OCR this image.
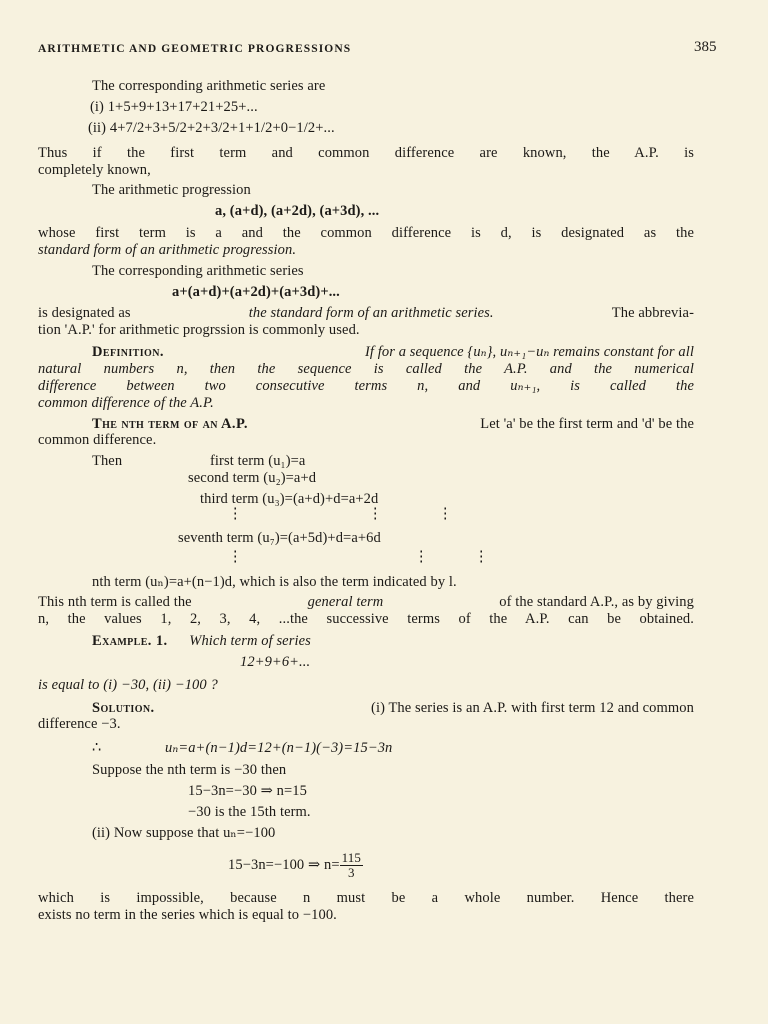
ARITHMETIC AND GEOMETRIC PROGRESSIONS	385
The corresponding arithmetic series are
(i) 1+5+9+13+17+21+25+...
(ii) 4+7/2+3+5/2+2+3/2+1+1/2+0−1/2+...
Thus if the first term and common difference are known, the A.P. is
completely known,
The arithmetic progression
a, (a+d), (a+2d), (a+3d), ...
whose first term is a and the common difference is d, is designated as the
standard form of an arithmetic progression.
The corresponding arithmetic series
a+(a+d)+(a+2d)+(a+3d)+...
is designated as	the standard form of an arithmetic series.	The abbrevia-
tion 'A.P.' for arithmetic progrssion is commonly used.
Definition.	If for a sequence {uₙ}, uₙ₊₁−uₙ remains constant for all
natural numbers n, then the sequence is called the A.P. and the numerical
difference between two consecutive terms n, and uₙ₊₁, is called the
common difference of the A.P.
The nth term of an A.P.	Let 'a' be the first term and 'd' be the
common difference.
Then	first term (u₁)=a
second term (u₂)=a+d
third term (u₃)=(a+d)+d=a+2d
⋮	⋮	⋮
seventh term (u₇)=(a+5d)+d=a+6d
⋮	⋮	⋮
nth term (uₙ)=a+(n−1)d, which is also the term indicated by l.
This nth term is called the	general term	of the standard A.P., as by giving
n, the values 1, 2, 3, 4, ...the successive terms of the A.P. can be obtained.
Example. 1. Which term of series
12+9+6+...
is equal to (i) −30, (ii) −100 ?
Solution.	(i) The series is an A.P. with first term 12 and common
difference −3.
∴	uₙ=a+(n−1)d=12+(n−1)(−3)=15−3n
Suppose the nth term is −30 then
15−3n=−30 ⇒ n=15
−30 is the 15th term.
(ii) Now suppose that uₙ=−100
15−3n=−100 ⇒ $n= \frac{115}{3}$
which is impossible, because n must be a whole number. Hence there
exists no term in the series which is equal to −100.
